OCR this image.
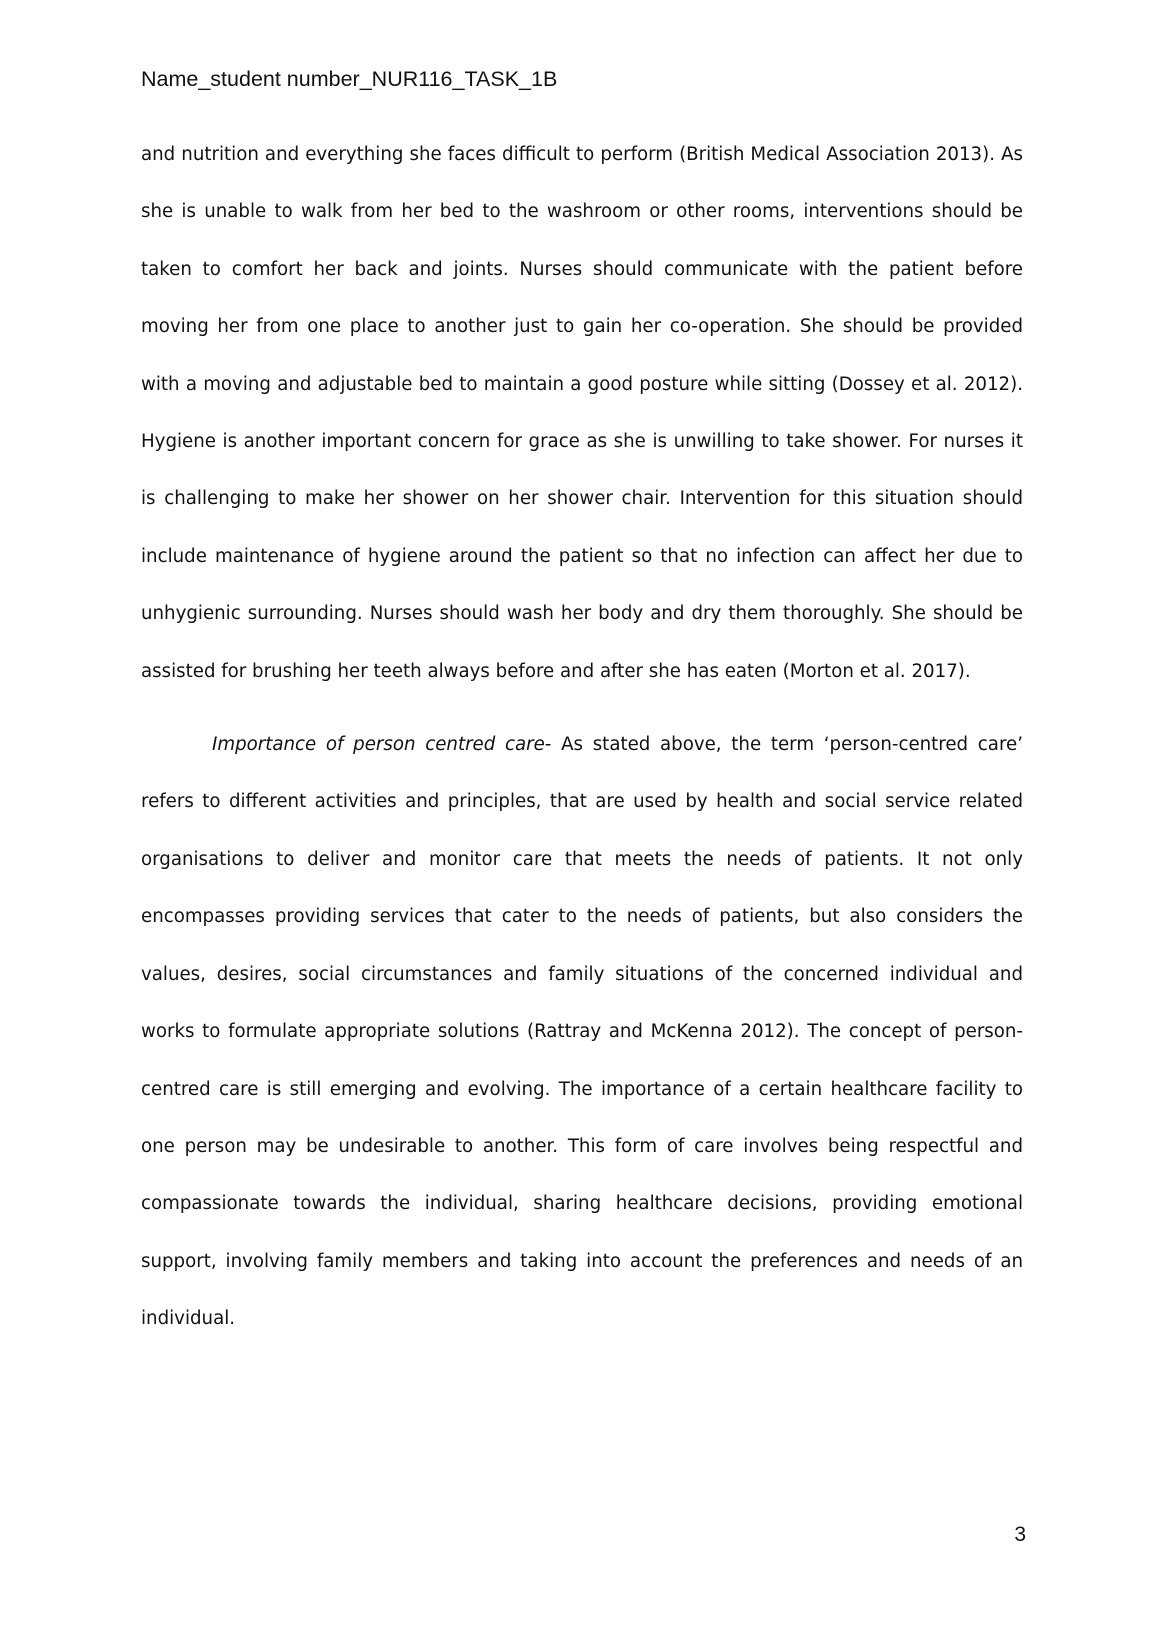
Name_student number_NUR116_TASK_1B

and nutrition and everything she faces difficult to perform (British Medical Association 2013). As she is unable to walk from her bed to the washroom or other rooms, interventions should be taken to comfort her back and joints. Nurses should communicate with the patient before moving her from one place to another just to gain her co-operation. She should be provided with a moving and adjustable bed to maintain a good posture while sitting (Dossey et al. 2012). Hygiene is another important concern for grace as she is unwilling to take shower. For nurses it is challenging to make her shower on her shower chair. Intervention for this situation should include maintenance of hygiene around the patient so that no infection can affect her due to unhygienic surrounding. Nurses should wash her body and dry them thoroughly. She should be assisted for brushing her teeth always before and after she has eaten (Morton et al. 2017).

Importance of person centred care- As stated above, the term ‘person-centred care’ refers to different activities and principles, that are used by health and social service related organisations to deliver and monitor care that meets the needs of patients. It not only encompasses providing services that cater to the needs of patients, but also considers the values, desires, social circumstances and family situations of the concerned individual and works to formulate appropriate solutions (Rattray and McKenna 2012). The concept of person-centred care is still emerging and evolving. The importance of a certain healthcare facility to one person may be undesirable to another. This form of care involves being respectful and compassionate towards the individual, sharing healthcare decisions, providing emotional support, involving family members and taking into account the preferences and needs of an individual.

3
